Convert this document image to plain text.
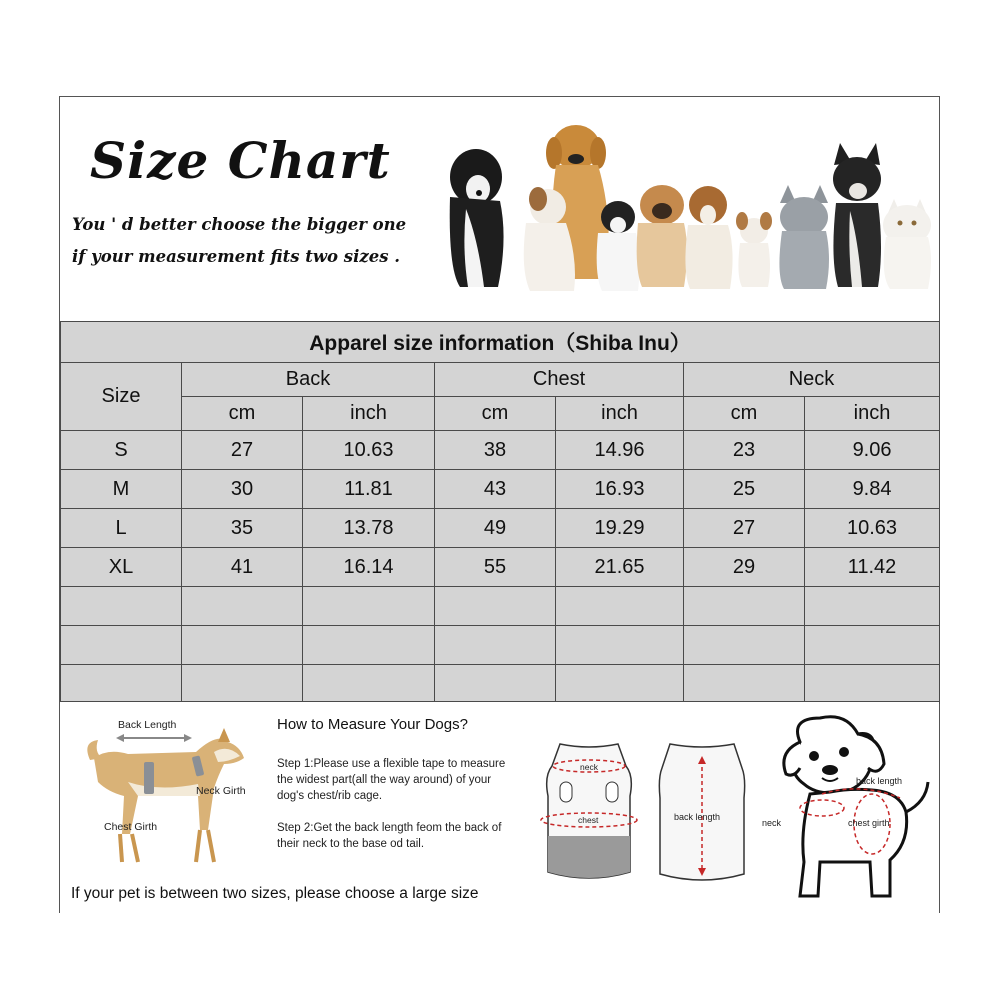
Size Chart
You ' d better choose the bigger one
if your measurement fits two sizes .
Apparel size information（Shiba Inu）						
Size	Back		Chest		Neck	
	cm	inch	cm	inch	cm	inch
S	27	10.63	38	14.96	23	9.06
M	30	11.81	43	16.93	25	9.84
L	35	13.78	49	19.29	27	10.63
XL	41	16.14	55	21.65	29	11.42

Back Length
Neck Girth
Chest Girth
How to Measure Your Dogs?
Step 1:Please use a flexible tape to measure the widest part(all the way around) of your dog's chest/rib cage.
Step 2:Get the back length feom the back of their neck to the base od tail.
neck
chest	back length
back length
neck	chest girth
If your pet is between two sizes, please choose a large size
